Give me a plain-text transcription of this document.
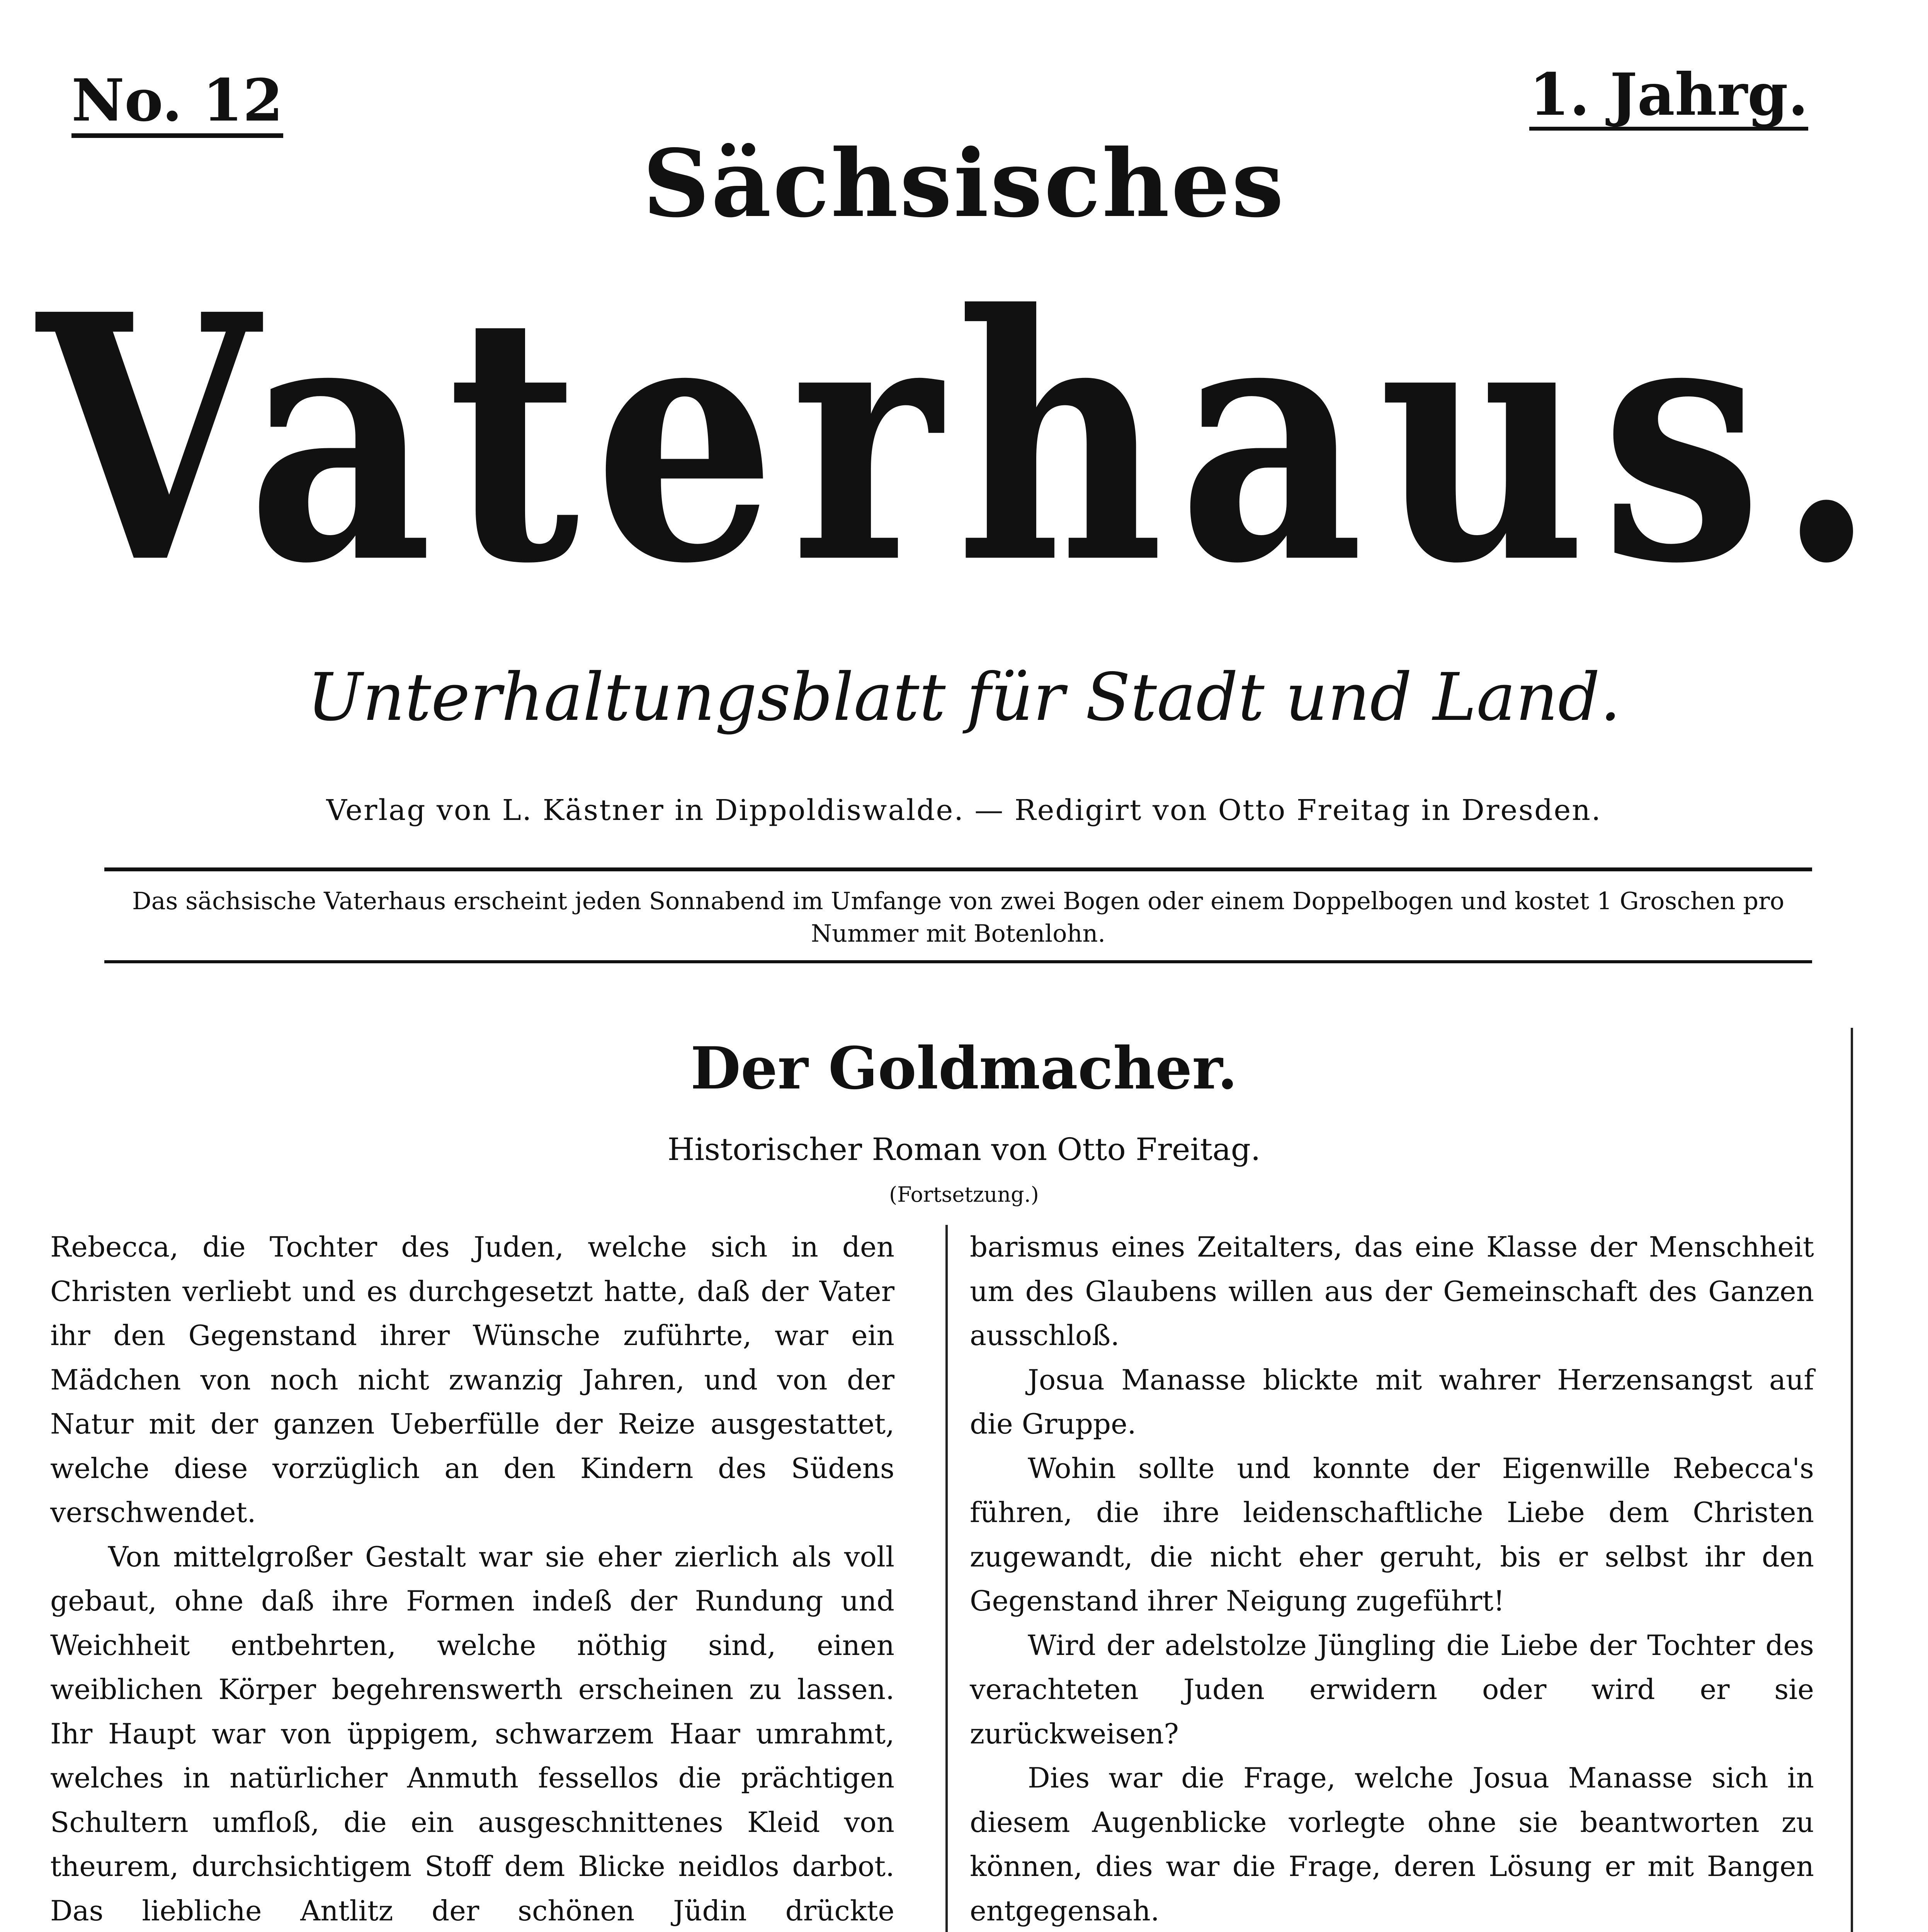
No. 12	1. Jahrg.
Sächsisches
Vaterhaus.
Unterhaltungsblatt für Stadt und Land.
Verlag von L. Kästner in Dippoldiswalde. — Redigirt von Otto Freitag in Dresden.
Das sächsische Vaterhaus erscheint jeden Sonnabend im Umfange von zwei Bogen oder einem Doppelbogen und kostet 1 Groschen pro Nummer mit Botenlohn.
Der Goldmacher.
Historischer Roman von Otto Freitag.
(Fortsetzung.)

Rebecca, die Tochter des Juden, welche sich in den Christen verliebt und es durchgesetzt hatte, daß der Vater ihr den Gegenstand ihrer Wünsche zuführte, war ein Mädchen von noch nicht zwanzig Jahren, und von der Natur mit der ganzen Ueberfülle der Reize ausgestattet, welche diese vorzüglich an den Kindern des Südens verschwendet.

Von mittelgroßer Gestalt war sie eher zierlich als voll gebaut, ohne daß ihre Formen indeß der Rundung und Weichheit entbehrten, welche nöthig sind, einen weiblichen Körper begehrenswerth erscheinen zu lassen. Ihr Haupt war von üppigem, schwarzem Haar umrahmt, welches in natürlicher Anmuth fessellos die prächtigen Schultern umfloß, die ein ausgeschnittenes Kleid von theurem, durchsichtigem Stoff dem Blicke neidlos darbot. Das liebliche Antlitz der schönen Jüdin drückte

barismus eines Zeitalters, das eine Klasse der Menschheit um des Glaubens willen aus der Gemeinschaft des Ganzen ausschloß.

Josua Manasse blickte mit wahrer Herzensangst auf die Gruppe.

Wohin sollte und konnte der Eigenwille Rebecca's führen, die ihre leidenschaftliche Liebe dem Christen zugewandt, die nicht eher geruht, bis er selbst ihr den Gegenstand ihrer Neigung zugeführt!

Wird der adelstolze Jüngling die Liebe der Tochter des verachteten Juden erwidern oder wird er sie zurückweisen?

Dies war die Frage, welche Josua Manasse sich in diesem Augenblicke vorlegte ohne sie beantworten zu können, dies war die Frage, deren Lösung er mit Bangen entgegensah.
